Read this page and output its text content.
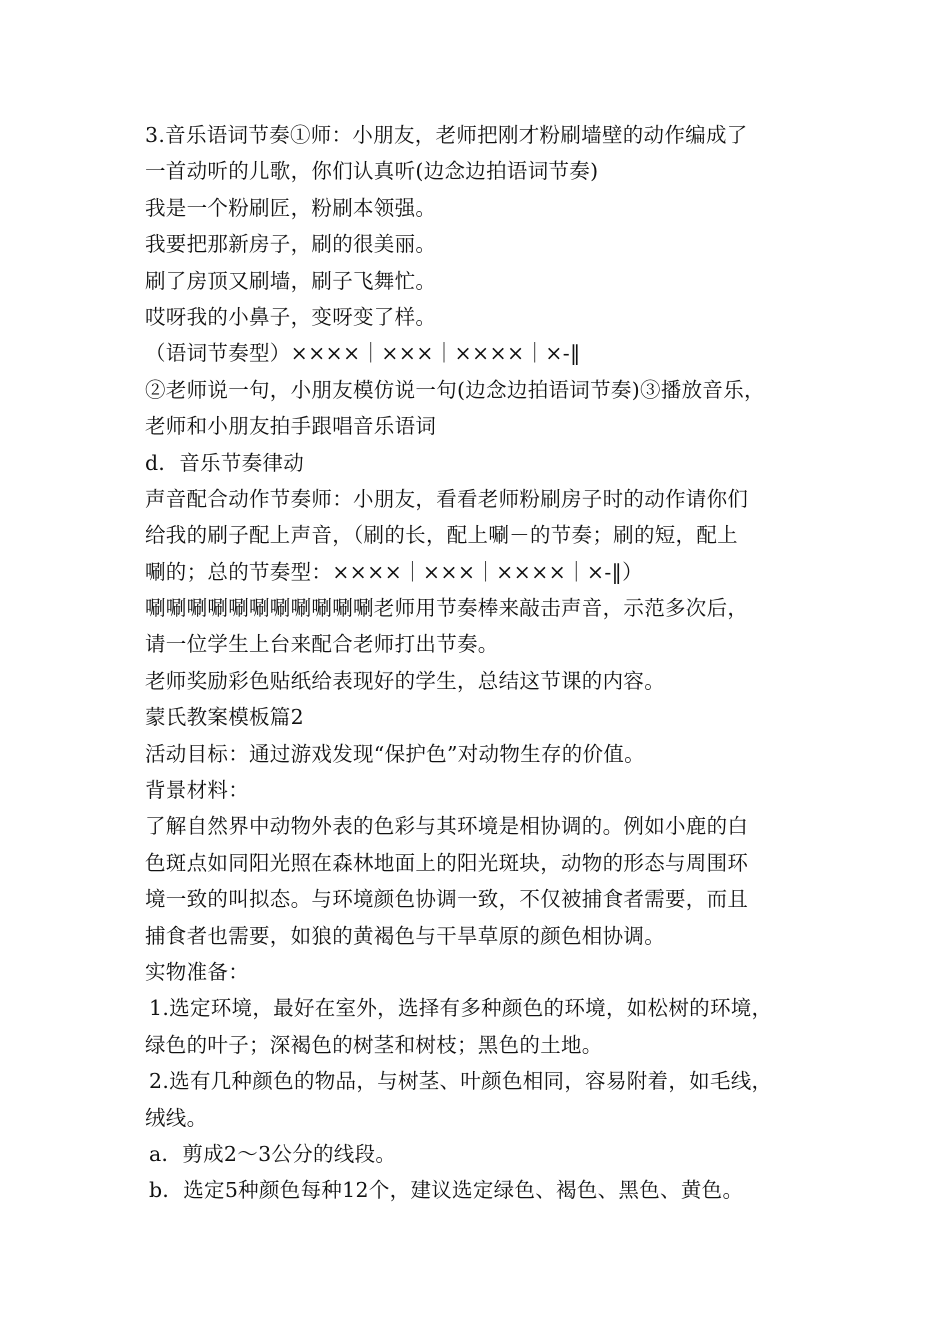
3.音乐语词节奏①师：小朋友，老师把刚才粉刷墙壁的动作编成了
一首动听的儿歌，你们认真听(边念边拍语词节奏)
我是一个粉刷匠，粉刷本领强。
我要把那新房子，刷的很美丽。
刷了房顶又刷墙，刷子飞舞忙。
哎呀我的小鼻子，变呀变了样。
（语词节奏型）××××｜×××｜××××｜×-‖
②老师说一句，小朋友模仿说一句(边念边拍语词节奏)③播放音乐，
老师和小朋友拍手跟唱音乐语词
d．音乐节奏律动
声音配合动作节奏师：小朋友，看看老师粉刷房子时的动作请你们
给我的刷子配上声音，（刷的长，配上唰－的节奏；刷的短，配上
唰的；总的节奏型：××××｜×××｜××××｜×-‖）
唰唰唰唰唰唰唰唰唰唰唰老师用节奏棒来敲击声音，示范多次后，
请一位学生上台来配合老师打出节奏。
老师奖励彩色贴纸给表现好的学生，总结这节课的内容。
蒙氏教案模板篇2
活动目标：通过游戏发现“保护色”对动物生存的价值。
背景材料：
了解自然界中动物外表的色彩与其环境是相协调的。例如小鹿的白
色斑点如同阳光照在森林地面上的阳光斑块，动物的形态与周围环
境一致的叫拟态。与环境颜色协调一致，不仅被捕食者需要，而且
捕食者也需要，如狼的黄褐色与干旱草原的颜色相协调。
实物准备：
1.选定环境，最好在室外，选择有多种颜色的环境，如松树的环境，
绿色的叶子；深褐色的树茎和树枝；黑色的土地。
2.选有几种颜色的物品，与树茎、叶颜色相同，容易附着，如毛线，
绒线。
a．剪成2～3公分的线段。
b．选定5种颜色每种12个，建议选定绿色、褐色、黑色、黄色。
